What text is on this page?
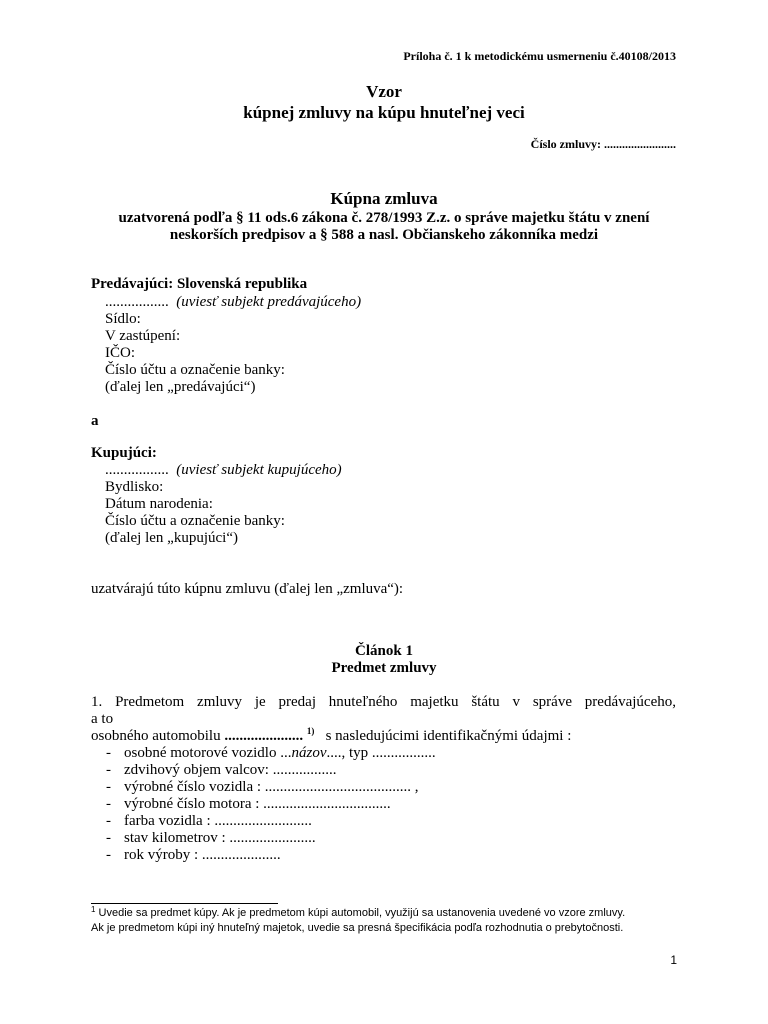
Príloha č. 1 k metodickému usmerneniu č.40108/2013
Vzor
kúpnej zmluvy na kúpu hnuteľnej veci
Číslo zmluvy: ........................
Kúpna zmluva
uzatvorená podľa § 11 ods.6 zákona č. 278/1993 Z.z. o správe majetku štátu v znení
neskorších predpisov a § 588 a nasl. Občianskeho zákonníka medzi
Predávajúci: Slovenská republika
................. (uviesť subjekt predávajúceho)
Sídlo:
V zastúpení:
IČO:
Číslo účtu a označenie banky:
(ďalej len „predávajúci“)
a
Kupujúci:
................. (uviesť subjekt kupujúceho)
Bydlisko:
Dátum narodenia:
Číslo účtu a označenie banky:
(ďalej len „kupujúci“)
uzatvárajú túto kúpnu zmluvu (ďalej len „zmluva“):
Článok 1
Predmet zmluvy
1. Predmetom zmluvy je predaj hnuteľného majetku štátu v správe predávajúceho,
a to
osobného automobilu ..................... $^{1)}$ s nasledujúcimi identifikačnými údajmi :
- osobné motorové vozidlo ...názov...., typ .................
- zdvihový objem valcov: .................
- výrobné číslo vozidla : ....................................... ,
- výrobné číslo motora : ..................................
- farba vozidla : ..........................
- stav kilometrov : .......................
- rok výroby : .....................
$^1$ Uvedie sa predmet kúpy. Ak je predmetom kúpi automobil, využijú sa ustanovenia uvedené vo vzore zmluvy.
Ak je predmetom kúpi iný hnuteľný majetok, uvedie sa presná špecifikácia podľa rozhodnutia o prebytočnosti.
1
